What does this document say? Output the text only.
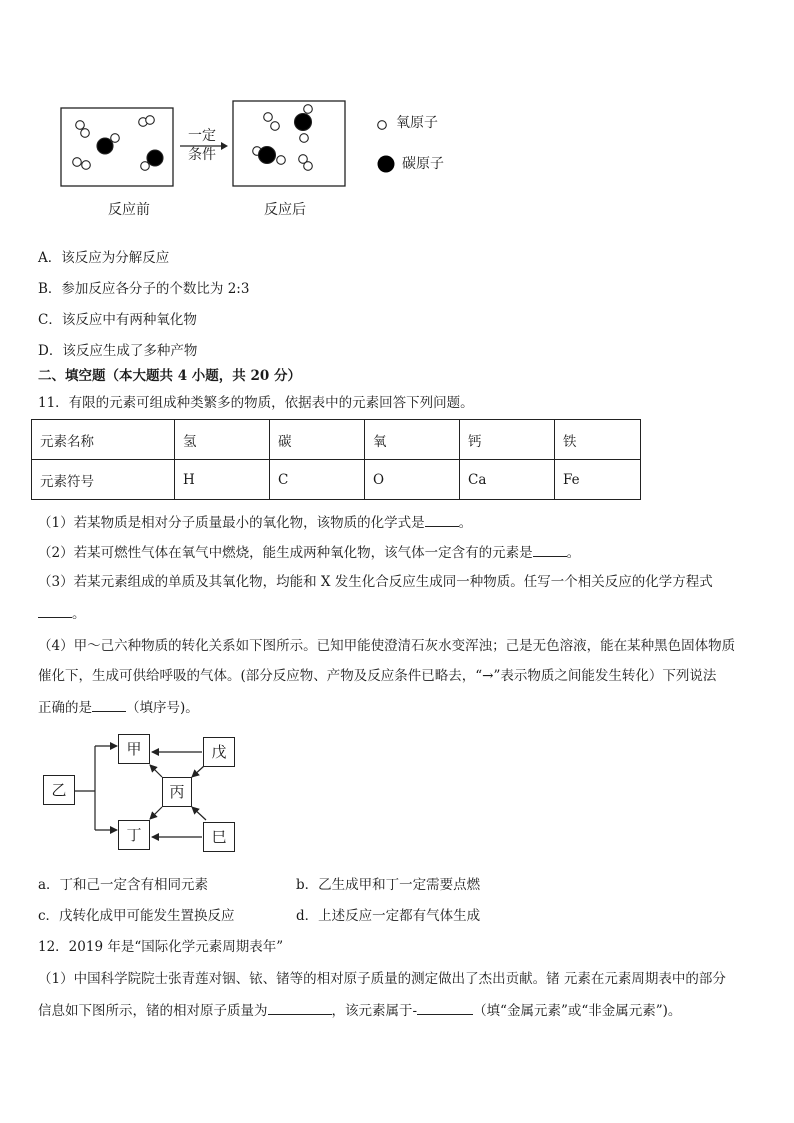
一定
条件
反应前	反应后
氧原子
碳原子
A．该反应为分解反应
B．参加反应各分子的个数比为 2:3
C．该反应中有两种氧化物
D．该反应生成了多种产物
二、填空题（本大题共 4 小题，共 20 分）
11．有限的元素可组成种类繁多的物质，依据表中的元素回答下列问题。
元素名称	氢	碳	氧	钙	铁
元素符号	H	C	O	Ca	Fe
（1）若某物质是相对分子质量最小的氧化物，该物质的化学式是	。
（2）若某可燃性气体在氧气中燃烧，能生成两种氧化物，该气体一定含有的元素是	。
（3）若某元素组成的单质及其氧化物，均能和 X 发生化合反应生成同一种物质。任写一个相关反应的化学方程式
。
（4）甲～己六种物质的转化关系如下图所示。已知甲能使澄清石灰水变浑浊；己是无色溶液，能在某种黑色固体物质
催化下，生成可供给呼吸的气体。(部分反应物、产物及反应条件已略去，“→”表示物质之间能发生转化）下列说法
正确的是	（填序号)。
甲
乙	丙
丁
戊
巳
a．丁和己一定含有相同元素	b．乙生成甲和丁一定需要点燃
c．戊转化成甲可能发生置换反应	d．上述反应一定都有气体生成
12．2019 年是“国际化学元素周期表年”
（1）中国科学院院士张青莲对铟、铱、锗等的相对原子质量的测定做出了杰出贡献。锗 元素在元素周期表中的部分
信息如下图所示，锗的相对原子质量为	，该元素属于-	（填“金属元素”或“非金属元素”)。
